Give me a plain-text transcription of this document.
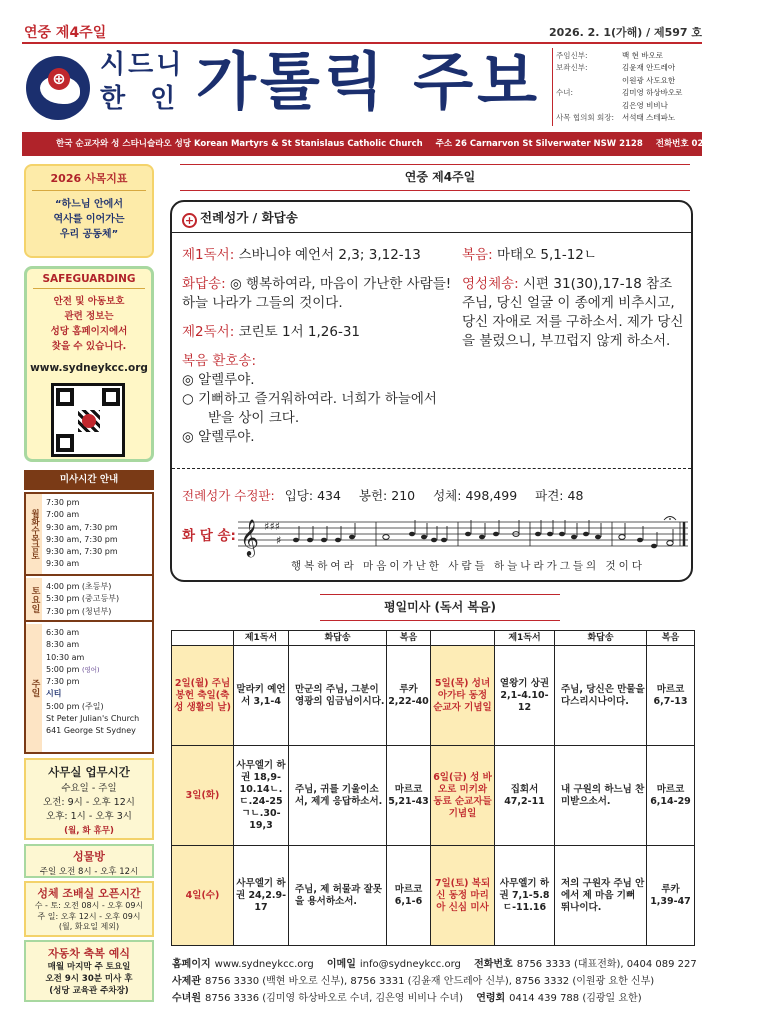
연중 제4주일	2026. 2. 1(가해) / 제597 호
⊕ 시드니
한 인 가톨릭 주보 주임신부:	백 현 바오로
보좌신부:	김윤재 안드레아
이원광 사도요한
수녀:	김미영 하상바오로
김은영 비비나
사목 협의회 회장:	서석태 스테파노
한국 순교자와 성 스타니슬라오 성당 Korean Martyrs & St Stanislaus Catholic Church 주소 26 Carnarvon St Silverwater NSW 2128 전화번호 02 8756 3333
2026 사목지표
“하느님 안에서
역사를 이어가는
우리 공동체”
SAFEGUARDING
안전 및 아동보호
관련 정보는
성당 홈페이지에서
찾을 수 있습니다.
www.sydneykcc.org
미사시간 안내
월화수목금토
7:30 pm
7:00 am
9:30 am, 7:30 pm
9:30 am, 7:30 pm
9:30 am, 7:30 pm
9:30 am
토요일 4:00 pm (초등부)
5:30 pm (중고등부)
7:30 pm (청년부)
주일
6:30 am
8:30 am
10:30 am
5:00 pm (영어)
7:30 pm
시티
5:00 pm (주일)
St Peter Julian's Church
641 George St Sydney
사무실 업무시간
수요일 - 주일
오전: 9시 - 오후 12시
오후: 1시 - 오후 3시
(월, 화 휴무)
성물방
주일 오전 8시 - 오후 12시
성체 조배실 오픈시간
수 - 토: 오전 08시 - 오후 09시
주 일: 오후 12시 - 오후 09시
(월, 화요일 제외)
자동차 축복 예식
매월 마지막 주 토요일
오전 9시 30분 미사 후
(성당 교육관 주차장)
연중 제4주일
+ 전례성가 / 화답송
제1독서: 스바니야 예언서 2,3; 3,12-13
화답송: ◎ 행복하여라, 마음이 가난한 사람들! 하늘 나라가 그들의 것이다.
제2독서: 코린토 1서 1,26-31
복음 환호송:
◎ 알렐루야.
○ 기뻐하고 즐거워하여라. 너희가 하늘에서
받을 상이 크다.
◎ 알렐루야.
복음: 마태오 5,1-12ㄴ
영성체송: 시편 31(30),17-18 참조 주님, 당신 얼굴 이 종에게 비추시고, 당신 자애로 저를 구하소서. 제가 당신을 불렀으니, 부끄럽지 않게 하소서.
전례성가 수정판: 입당: 434 봉헌: 210 성체: 498,499 파견: 48
화 답 송: 𝄞 ♯♯♯
♯
행복하여라 마음이가난한 사람들 하늘나라가그들의 것이다
평일미사 (독서 복음)
	제1독서	화답송	복음		제1독서	화답송	복음
2일(월) 주님 봉헌 축일(축성 생활의 날)	말라키 예언서 3,1-4	만군의 주님, 그분이 영광의 임금님이시다.	루카 2,22-40	5일(목) 성녀 아가타 동정 순교자 기념일	열왕기 상권 2,1-4.10-12	주님, 당신은 만물을 다스리시나이다.	마르코 6,7-13
3일(화)	사무엘기 하권 18,9-10.14ㄴ.ㄷ.24-25ㄱㄴ.30-19,3	주님, 귀를 기울이소서, 제게 응답하소서.	마르코 5,21-43	6일(금) 성 바오로 미키와 동료 순교자들 기념일	집회서 47,2-11	내 구원의 하느님 찬미받으소서.	마르코 6,14-29
4일(수)	사무엘기 하권 24,2.9-17	주님, 제 허물과 잘못을 용서하소서.	마르코 6,1-6	7일(토) 복되신 동정 마리아 신심 미사	사무엘기 하권 7,1-5.8ㄷ-11.16	저의 구원자 주님 안에서 제 마음 기뻐 뛰나이다.	루카 1,39-47
홈페이지 www.sydneykcc.org 이메일 info@sydneykcc.org 전화번호 8756 3333 (대표전화), 0404 089 227
사제관 8756 3330 (백현 바오로 신부), 8756 3331 (김윤재 안드레아 신부), 8756 3332 (이원광 요한 신부)
수녀원 8756 3336 (김미영 하상바오로 수녀, 김은영 비비나 수녀) 연령회 0414 439 788 (김광일 요한)
